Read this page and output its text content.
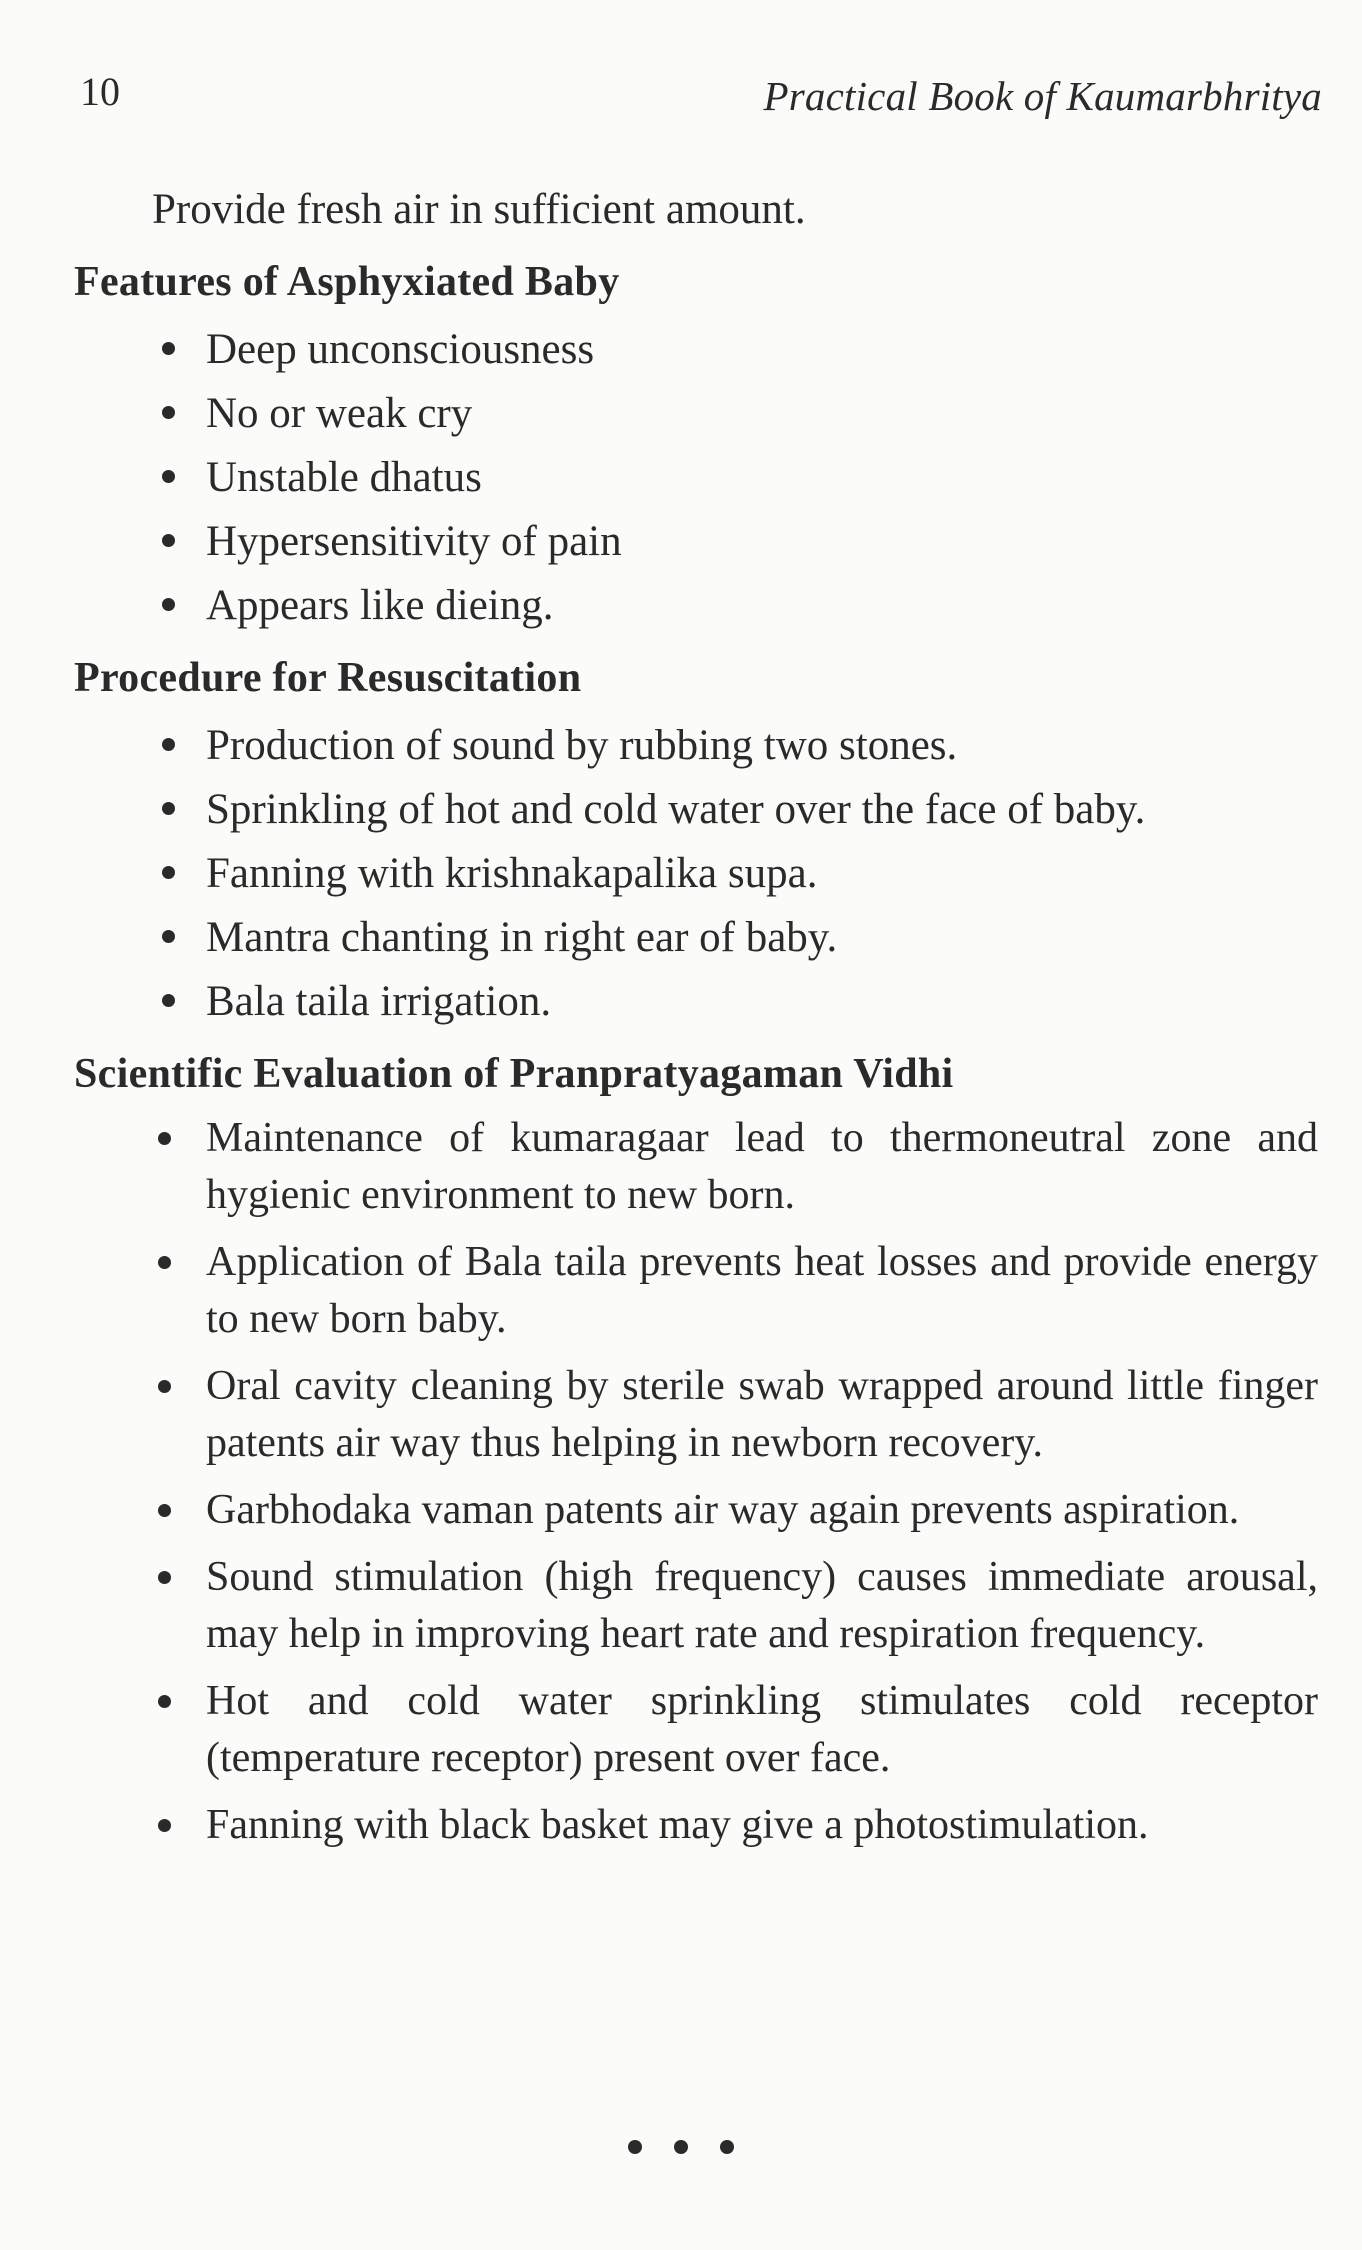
10	Practical Book of Kaumarbhritya

Provide fresh air in sufficient amount.

Features of Asphyxiated Baby
Deep unconsciousness
No or weak cry
Unstable dhatus
Hypersensitivity of pain
Appears like dieing.
Procedure for Resuscitation
Production of sound by rubbing two stones.
Sprinkling of hot and cold water over the face of baby.
Fanning with krishnakapalika supa.
Mantra chanting in right ear of baby.
Bala taila irrigation.
Scientific Evaluation of Pranpratyagaman Vidhi
Maintenance of kumaragaar lead to thermoneutral zone and hygienic environment to new born.
Application of Bala taila prevents heat losses and provide energy to new born baby.
Oral cavity cleaning by sterile swab wrapped around little finger patents air way thus helping in newborn recovery.
Garbhodaka vaman patents air way again prevents aspiration.
Sound stimulation (high frequency) causes immediate arousal, may help in improving heart rate and respiration frequency.
Hot and cold water sprinkling stimulates cold receptor (temperature receptor) present over face.
Fanning with black basket may give a photostimulation.
